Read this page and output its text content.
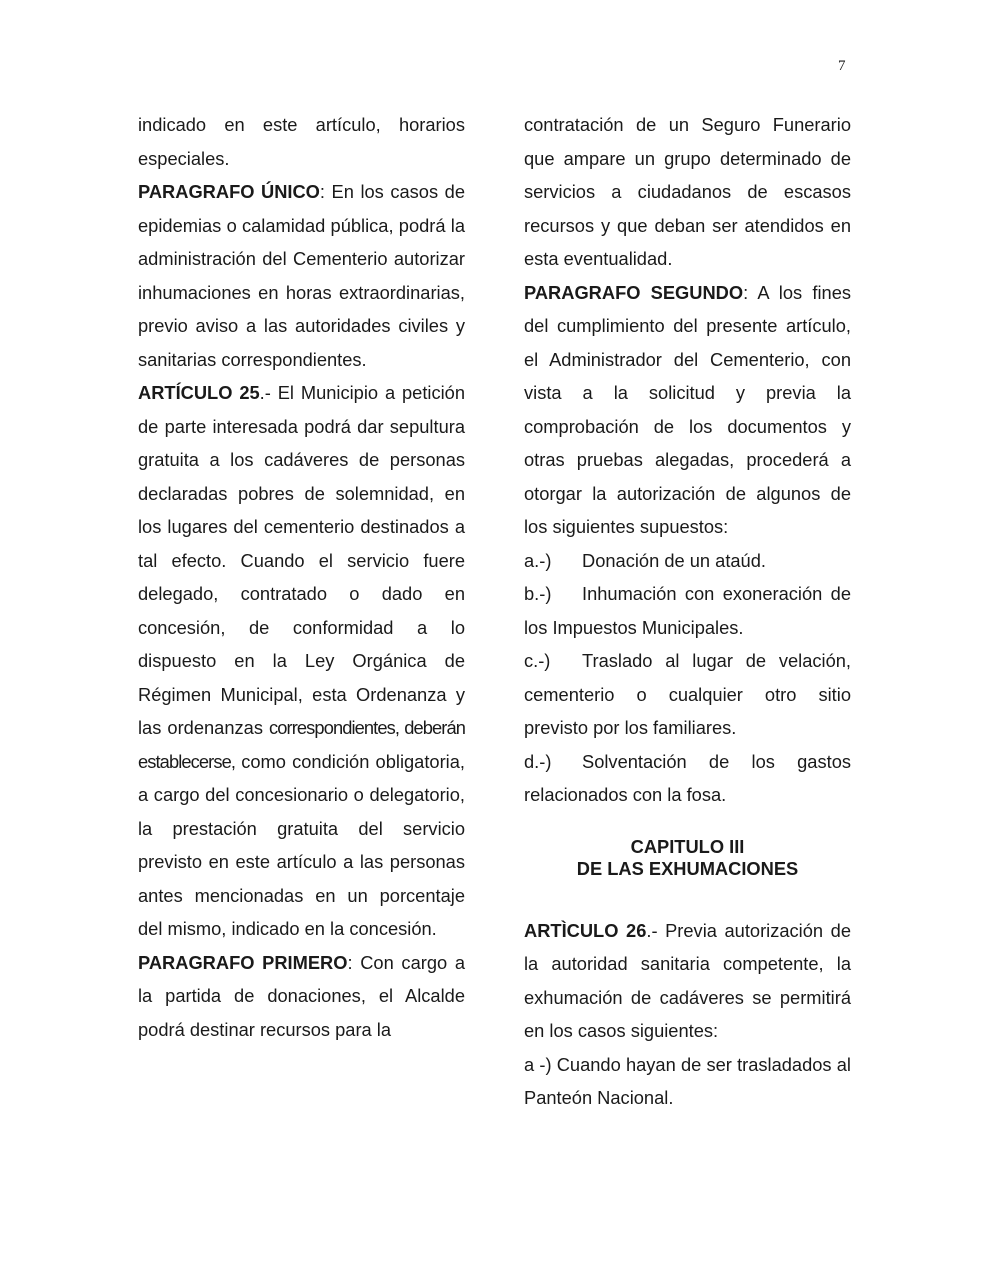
7

indicado en este artículo, horarios especiales.

PARAGRAFO ÚNICO: En los casos de epidemias o calamidad pública, podrá la administración del Cementerio autorizar inhumaciones en horas extraordinarias, previo aviso a las autoridades civiles y sanitarias correspondientes.

ARTÍCULO 25.- El Municipio a petición de parte interesada podrá dar sepultura gratuita a los cadáveres de personas declaradas pobres de solemnidad, en los lugares del cementerio destinados a tal efecto. Cuando el servicio fuere delegado, contratado o dado en concesión, de conformidad a lo dispuesto en la Ley Orgánica de Régimen Municipal, esta Ordenanza y las ordenanzas correspondientes, deberán establecerse, como condición obligatoria, a cargo del concesionario o delegatorio, la prestación gratuita del servicio previsto en este artículo a las personas antes mencionadas en un porcentaje del mismo, indicado en la concesión.

PARAGRAFO PRIMERO: Con cargo a la partida de donaciones, el Alcalde podrá destinar recursos para la

contratación de un Seguro Funerario que ampare un grupo determinado de servicios a ciudadanos de escasos recursos y que deban ser atendidos en esta eventualidad.

PARAGRAFO SEGUNDO: A los fines del cumplimiento del presente artículo, el Administrador del Cementerio, con vista a la solicitud y previa la comprobación de los documentos y otras pruebas alegadas, procederá a otorgar la autorización de algunos de los siguientes supuestos:

a.-) Donación de un ataúd.

b.-) Inhumación con exoneración de los Impuestos Municipales.

c.-) Traslado al lugar de velación, cementerio o cualquier otro sitio previsto por los familiares.

d.-) Solventación de los gastos relacionados con la fosa.

CAPITULO III
DE LAS EXHUMACIONES

ARTÌCULO 26.- Previa autorización de la autoridad sanitaria competente, la exhumación de cadáveres se permitirá en los casos siguientes:

a -) Cuando hayan de ser trasladados al Panteón Nacional.
